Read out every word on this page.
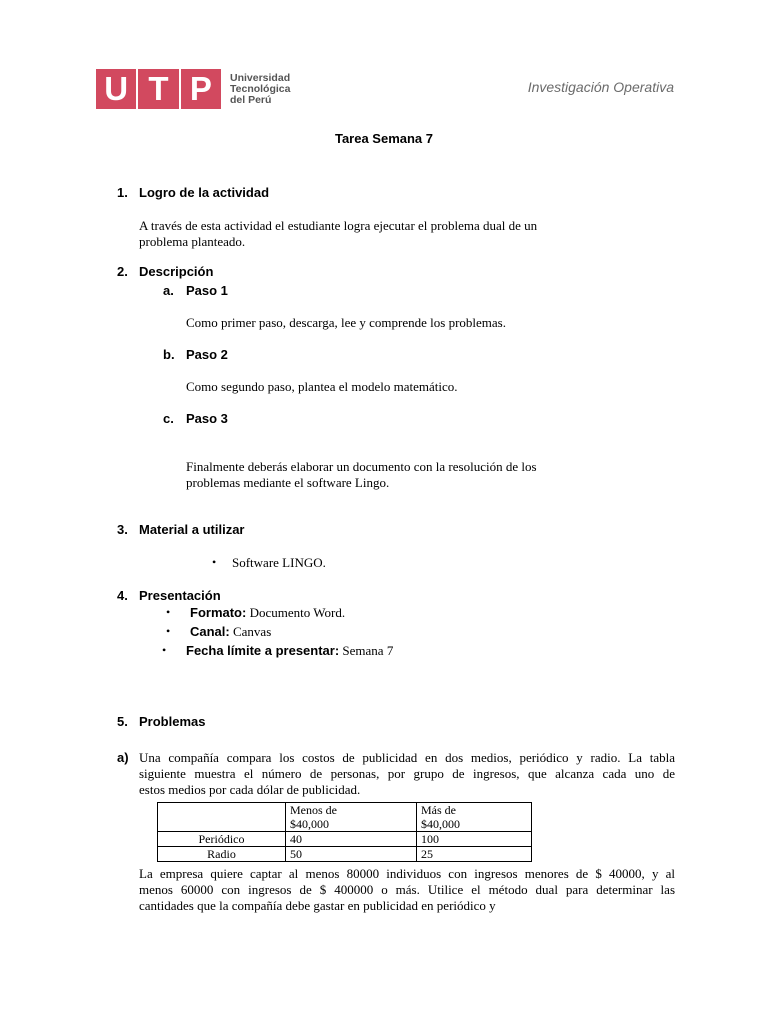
U T P	Universidad
Tecnológica
del Perú
Investigación Operativa
Tarea Semana 7
1. Logro de la actividad
A través de esta actividad el estudiante logra ejecutar el problema dual de un
problema planteado.
2. Descripción
a. Paso 1
Como primer paso, descarga, lee y comprende los problemas.
b. Paso 2
Como segundo paso, plantea el modelo matemático.
c. Paso 3
Finalmente deberás elaborar un documento con la resolución de los
problemas mediante el software Lingo.
3. Material a utilizar
• Software LINGO.
4. Presentación
• Formato: Documento Word.
• Canal: Canvas
• Fecha límite a presentar: Semana 7
5. Problemas
a) Una compañía compara los costos de publicidad en dos medios, periódico y radio. La tabla
siguiente muestra el número de personas, por grupo de ingresos, que alcanza cada uno de
estos medios por cada dólar de publicidad.

	Menos de $40,000	Más de $40,000

Periódico	40	100
Radio	50	25
La empresa quiere captar al menos 80000 individuos con ingresos menores de $ 40000, y al
menos 60000 con ingresos de $ 400000 o más. Utilice el método dual para determinar las
cantidades que la compañía debe gastar en publicidad en periódico y
